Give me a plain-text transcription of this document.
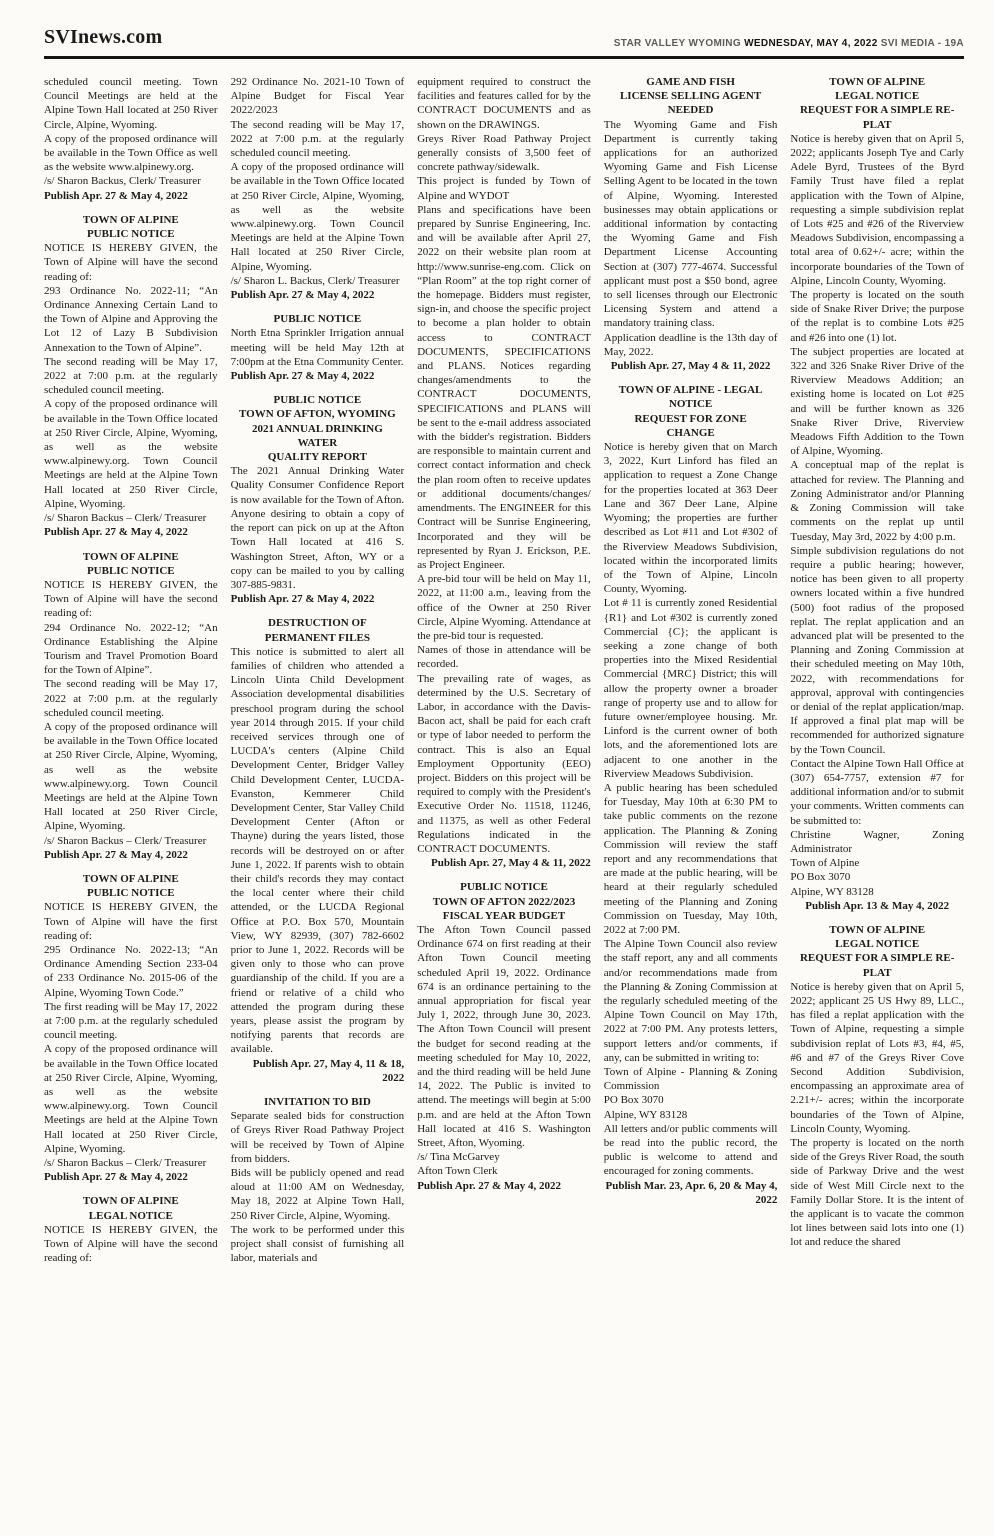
SVInews.com	STAR VALLEY WYOMING WEDNESDAY, MAY 4, 2022 SVI MEDIA - 19A
scheduled council meeting. Town Council Meetings are held at the Alpine Town Hall located at 250 River Circle, Alpine, Wyoming.
A copy of the proposed ordinance will be available in the Town Office as well as the website www.alpinewy.org.
/s/ Sharon Backus, Clerk/ Treasurer
Publish Apr. 27 & May 4, 2022
TOWN OF ALPINE
PUBLIC NOTICE
NOTICE IS HEREBY GIVEN, the Town of Alpine will have the second reading of:
293 Ordinance No. 2022-11; “An Ordinance Annexing Certain Land to the Town of Alpine and Approving the Lot 12 of Lazy B Subdivision Annexation to the Town of Alpine”.
The second reading will be May 17, 2022 at 7:00 p.m. at the regularly scheduled council meeting.
A copy of the proposed ordinance will be available in the Town Office located at 250 River Circle, Alpine, Wyoming, as well as the website www.alpinewy.org. Town Council Meetings are held at the Alpine Town Hall located at 250 River Circle, Alpine, Wyoming.
/s/ Sharon Backus – Clerk/ Treasurer
Publish Apr. 27 & May 4, 2022
TOWN OF ALPINE
PUBLIC NOTICE
NOTICE IS HEREBY GIVEN, the Town of Alpine will have the second reading of:
294 Ordinance No. 2022-12; “An Ordinance Establishing the Alpine Tourism and Travel Promotion Board for the Town of Alpine”.
The second reading will be May 17, 2022 at 7:00 p.m. at the regularly scheduled council meeting.
A copy of the proposed ordinance will be available in the Town Office located at 250 River Circle, Alpine, Wyoming, as well as the website www.alpinewy.org. Town Council Meetings are held at the Alpine Town Hall located at 250 River Circle, Alpine, Wyoming.
/s/ Sharon Backus – Clerk/ Treasurer
Publish Apr. 27 & May 4, 2022
TOWN OF ALPINE
PUBLIC NOTICE
NOTICE IS HEREBY GIVEN, the Town of Alpine will have the first reading of:
295 Ordinance No. 2022-13; “An Ordinance Amending Section 233-04 of 233 Ordinance No. 2015-06 of the Alpine, Wyoming Town Code.”
The first reading will be May 17, 2022 at 7:00 p.m. at the regularly scheduled council meeting.
A copy of the proposed ordinance will be available in the Town Office located at 250 River Circle, Alpine, Wyoming, as well as the website www.alpinewy.org. Town Council Meetings are held at the Alpine Town Hall located at 250 River Circle, Alpine, Wyoming.
/s/ Sharon Backus – Clerk/ Treasurer
Publish Apr. 27 & May 4, 2022
TOWN OF ALPINE
LEGAL NOTICE
NOTICE IS HEREBY GIVEN, the Town of Alpine will have the second reading of:
292 Ordinance No. 2021-10 Town of Alpine Budget for Fiscal Year 2022/2023
The second reading will be May 17, 2022 at 7:00 p.m. at the regularly scheduled council meeting.
A copy of the proposed ordinance will be available in the Town Office located at 250 River Circle, Alpine, Wyoming, as well as the website www.alpinewy.org. Town Council Meetings are held at the Alpine Town Hall located at 250 River Circle, Alpine, Wyoming.
/s/ Sharon L. Backus, Clerk/ Treasurer
Publish Apr. 27 & May 4, 2022
PUBLIC NOTICE
North Etna Sprinkler Irrigation annual meeting will be held May 12th at 7:00pm at the Etna Community Center.
Publish Apr. 27 & May 4, 2022
PUBLIC NOTICE
TOWN OF AFTON, WYOMING
2021 ANNUAL DRINKING
WATER
QUALITY REPORT
The 2021 Annual Drinking Water Quality Consumer Confidence Report is now available for the Town of Afton. Anyone desiring to obtain a copy of the report can pick on up at the Afton Town Hall located at 416 S. Washington Street, Afton, WY or a copy can be mailed to you by calling 307-885-9831.
Publish Apr. 27 & May 4, 2022
DESTRUCTION OF
PERMANENT FILES
This notice is submitted to alert all families of children who attended a Lincoln Uinta Child Development Association developmental disabilities preschool program during the school year 2014 through 2015. If your child received services through one of LUCDA's centers (Alpine Child Development Center, Bridger Valley Child Development Center, LUCDA-Evanston, Kemmerer Child Development Center, Star Valley Child Development Center (Afton or Thayne) during the years listed, those records will be destroyed on or after June 1, 2022. If parents wish to obtain their child's records they may contact the local center where their child attended, or the LUCDA Regional Office at P.O. Box 570, Mountain View, WY 82939, (307) 782-6602 prior to June 1, 2022. Records will be given only to those who can prove guardianship of the child. If you are a friend or relative of a child who attended the program during these years, please assist the program by notifying parents that records are available.
Publish Apr. 27, May 4, 11 & 18, 2022
INVITATION TO BID
Separate sealed bids for construction of Greys River Road Pathway Project will be received by Town of Alpine from bidders.
Bids will be publicly opened and read aloud at 11:00 AM on Wednesday, May 18, 2022 at Alpine Town Hall, 250 River Circle, Alpine, Wyoming.
The work to be performed under this project shall consist of furnishing all labor, materials and
equipment required to construct the facilities and features called for by the CONTRACT DOCUMENTS and as shown on the DRAWINGS.
Greys River Road Pathway Project generally consists of 3,500 feet of concrete pathway/sidewalk.
This project is funded by Town of Alpine and WYDOT
Plans and specifications have been prepared by Sunrise Engineering, Inc. and will be available after April 27, 2022 on their website plan room at http://www.sunrise-eng.com. Click on “Plan Room” at the top right corner of the homepage. Bidders must register, sign-in, and choose the specific project to become a plan holder to obtain access to CONTRACT DOCUMENTS, SPECIFICATIONS and PLANS. Notices regarding changes/amendments to the CONTRACT DOCUMENTS, SPECIFICATIONS and PLANS will be sent to the e-mail address associated with the bidder's registration. Bidders are responsible to maintain current and correct contact information and check the plan room often to receive updates or additional documents/changes/ amendments. The ENGINEER for this Contract will be Sunrise Engineering, Incorporated and they will be represented by Ryan J. Erickson, P.E. as Project Engineer.
A pre-bid tour will be held on May 11, 2022, at 11:00 a.m., leaving from the office of the Owner at 250 River Circle, Alpine Wyoming. Attendance at the pre-bid tour is requested.
Names of those in attendance will be recorded.
The prevailing rate of wages, as determined by the U.S. Secretary of Labor, in accordance with the Davis-Bacon act, shall be paid for each craft or type of labor needed to perform the contract. This is also an Equal Employment Opportunity (EEO) project. Bidders on this project will be required to comply with the President's Executive Order No. 11518, 11246, and 11375, as well as other Federal Regulations indicated in the CONTRACT DOCUMENTS.
Publish Apr. 27, May 4 & 11, 2022
PUBLIC NOTICE
TOWN OF AFTON 2022/2023
FISCAL YEAR BUDGET
The Afton Town Council passed Ordinance 674 on first reading at their Afton Town Council meeting scheduled April 19, 2022. Ordinance 674 is an ordinance pertaining to the annual appropriation for fiscal year July 1, 2022, through June 30, 2023. The Afton Town Council will present the budget for second reading at the meeting scheduled for May 10, 2022, and the third reading will be held June 14, 2022. The Public is invited to attend. The meetings will begin at 5:00 p.m. and are held at the Afton Town Hall located at 416 S. Washington Street, Afton, Wyoming.
/s/ Tina McGarvey
Afton Town Clerk
Publish Apr. 27 & May 4, 2022
GAME AND FISH
LICENSE SELLING AGENT
NEEDED
The Wyoming Game and Fish Department is currently taking applications for an authorized Wyoming Game and Fish License Selling Agent to be located in the town of Alpine, Wyoming. Interested businesses may obtain applications or additional information by contacting the Wyoming Game and Fish Department License Accounting Section at (307) 777-4674. Successful applicant must post a $50 bond, agree to sell licenses through our Electronic Licensing System and attend a mandatory training class.
Application deadline is the 13th day of May, 2022.
Publish Apr. 27, May 4 & 11, 2022
TOWN OF ALPINE - LEGAL
NOTICE
REQUEST FOR ZONE
CHANGE
Notice is hereby given that on March 3, 2022, Kurt Linford has filed an application to request a Zone Change for the properties located at 363 Deer Lane and 367 Deer Lane, Alpine Wyoming; the properties are further described as Lot #11 and Lot #302 of the Riverview Meadows Subdivision, located within the incorporated limits of the Town of Alpine, Lincoln County, Wyoming.
Lot # 11 is currently zoned Residential {R1} and Lot #302 is currently zoned Commercial {C}; the applicant is seeking a zone change of both properties into the Mixed Residential Commercial {MRC} District; this will allow the property owner a broader range of property use and to allow for future owner/employee housing. Mr. Linford is the current owner of both lots, and the aforementioned lots are adjacent to one another in the Riverview Meadows Subdivision.
A public hearing has been scheduled for Tuesday, May 10th at 6:30 PM to take public comments on the rezone application. The Planning & Zoning Commission will review the staff report and any recommendations that are made at the public hearing, will be heard at their regularly scheduled meeting of the Planning and Zoning Commission on Tuesday, May 10th, 2022 at 7:00 PM.
The Alpine Town Council also review the staff report, any and all comments and/or recommendations made from the Planning & Zoning Commission at the regularly scheduled meeting of the Alpine Town Council on May 17th, 2022 at 7:00 PM. Any protests letters, support letters and/or comments, if any, can be submitted in writing to:
Town of Alpine - Planning & Zoning Commission
PO Box 3070
Alpine, WY 83128
All letters and/or public comments will be read into the public record, the public is welcome to attend and encouraged for zoning comments.
Publish Mar. 23, Apr. 6, 20 & May 4, 2022
TOWN OF ALPINE
LEGAL NOTICE
REQUEST FOR A SIMPLE RE-
PLAT
Notice is hereby given that on April 5, 2022; applicants Joseph Tye and Carly Adele Byrd, Trustees of the Byrd Family Trust have filed a replat application with the Town of Alpine, requesting a simple subdivision replat of Lots #25 and #26 of the Riverview Meadows Subdivision, encompassing a total area of 0.62+/- acre; within the incorporate boundaries of the Town of Alpine, Lincoln County, Wyoming.
The property is located on the south side of Snake River Drive; the purpose of the replat is to combine Lots #25 and #26 into one (1) lot.
The subject properties are located at 322 and 326 Snake River Drive of the Riverview Meadows Addition; an existing home is located on Lot #25 and will be further known as 326 Snake River Drive, Riverview Meadows Fifth Addition to the Town of Alpine, Wyoming.
A conceptual map of the replat is attached for review. The Planning and Zoning Administrator and/or Planning & Zoning Commission will take comments on the replat up until Tuesday, May 3rd, 2022 by 4:00 p.m.
Simple subdivision regulations do not require a public hearing; however, notice has been given to all property owners located within a five hundred (500) foot radius of the proposed replat. The replat application and an advanced plat will be presented to the Planning and Zoning Commission at their scheduled meeting on May 10th, 2022, with recommendations for approval, approval with contingencies or denial of the replat application/map. If approved a final plat map will be recommended for authorized signature by the Town Council.
Contact the Alpine Town Hall Office at (307) 654-7757, extension #7 for additional information and/or to submit your comments. Written comments can be submitted to:
Christine Wagner, Zoning Administrator
Town of Alpine
PO Box 3070
Alpine, WY 83128
Publish Apr. 13 & May 4, 2022
TOWN OF ALPINE
LEGAL NOTICE
REQUEST FOR A SIMPLE RE-
PLAT
Notice is hereby given that on April 5, 2022; applicant 25 US Hwy 89, LLC., has filed a replat application with the Town of Alpine, requesting a simple subdivision replat of Lots #3, #4, #5, #6 and #7 of the Greys River Cove Second Addition Subdivision, encompassing an approximate area of 2.21+/- acres; within the incorporate boundaries of the Town of Alpine, Lincoln County, Wyoming.
The property is located on the north side of the Greys River Road, the south side of Parkway Drive and the west side of West Mill Circle next to the Family Dollar Store. It is the intent of the applicant is to vacate the common lot lines between said lots into one (1) lot and reduce the shared
